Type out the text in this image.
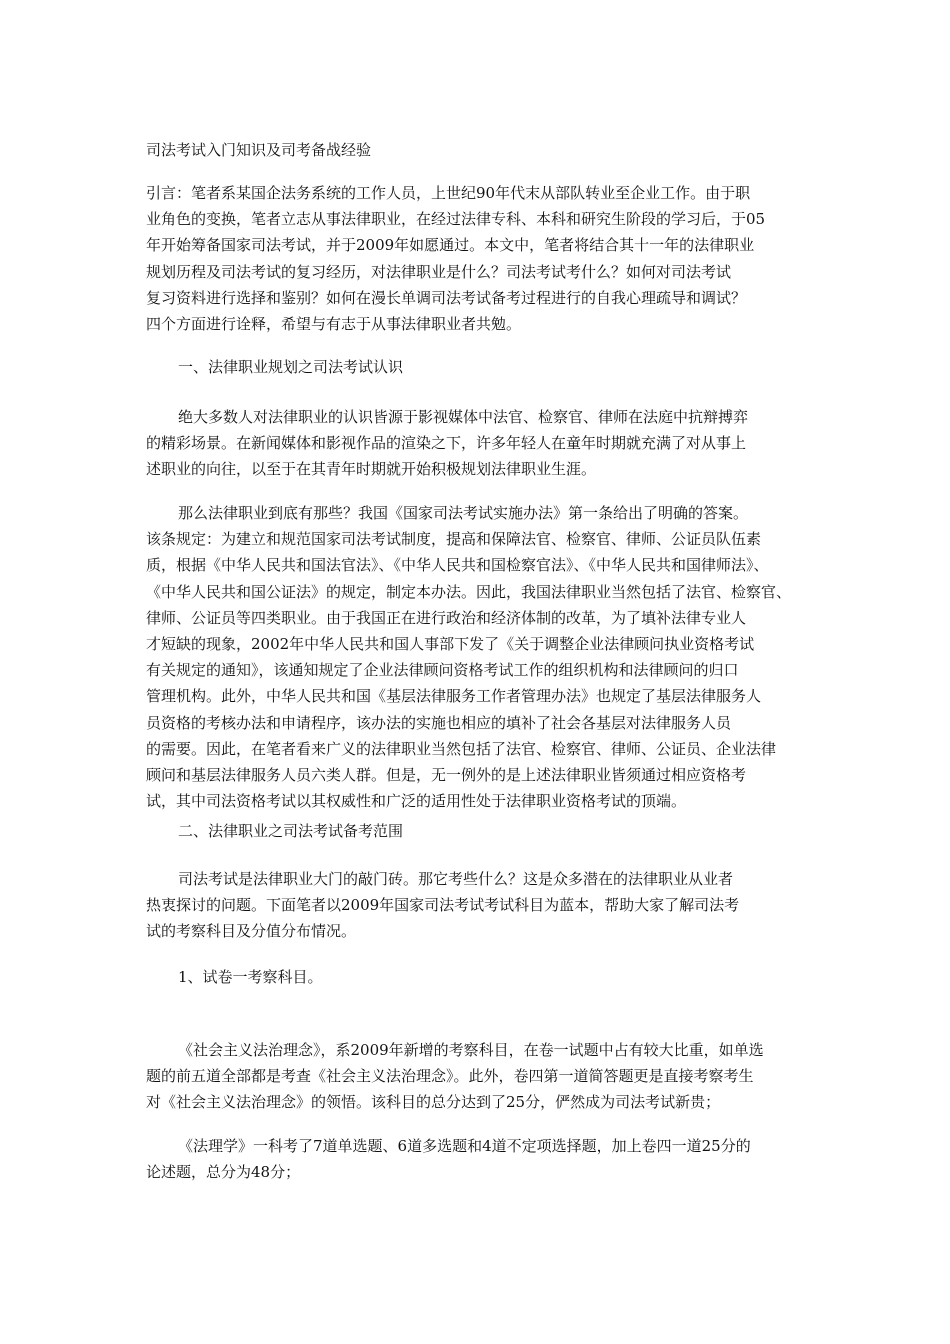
司法考试入门知识及司考备战经验
引言：笔者系某国企法务系统的工作人员，上世纪90年代末从部队转业至企业工作。由于职
业角色的变换，笔者立志从事法律职业，在经过法律专科、本科和研究生阶段的学习后，于05
年开始筹备国家司法考试，并于2009年如愿通过。本文中，笔者将结合其十一年的法律职业
规划历程及司法考试的复习经历，对法律职业是什么？司法考试考什么？如何对司法考试
复习资料进行选择和鉴别？如何在漫长单调司法考试备考过程进行的自我心理疏导和调试？
四个方面进行诠释，希望与有志于从事法律职业者共勉。
一、法律职业规划之司法考试认识
绝大多数人对法律职业的认识皆源于影视媒体中法官、检察官、律师在法庭中抗辩搏弈
的精彩场景。在新闻媒体和影视作品的渲染之下，许多年轻人在童年时期就充满了对从事上
述职业的向往，以至于在其青年时期就开始积极规划法律职业生涯。
那么法律职业到底有那些？我国《国家司法考试实施办法》第一条给出了明确的答案。
该条规定：为建立和规范国家司法考试制度，提高和保障法官、检察官、律师、公证员队伍素
质，根据《中华人民共和国法官法》、《中华人民共和国检察官法》、《中华人民共和国律师法》、
《中华人民共和国公证法》的规定，制定本办法。因此，我国法律职业当然包括了法官、检察官、
律师、公证员等四类职业。由于我国正在进行政治和经济体制的改革，为了填补法律专业人
才短缺的现象，2002年中华人民共和国人事部下发了《关于调整企业法律顾问执业资格考试
有关规定的通知》，该通知规定了企业法律顾问资格考试工作的组织机构和法律顾问的归口
管理机构。此外，中华人民共和国《基层法律服务工作者管理办法》也规定了基层法律服务人
员资格的考核办法和申请程序，该办法的实施也相应的填补了社会各基层对法律服务人员
的需要。因此，在笔者看来广义的法律职业当然包括了法官、检察官、律师、公证员、企业法律
顾问和基层法律服务人员六类人群。但是，无一例外的是上述法律职业皆须通过相应资格考
试，其中司法资格考试以其权威性和广泛的适用性处于法律职业资格考试的顶端。
二、法律职业之司法考试备考范围
司法考试是法律职业大门的敲门砖。那它考些什么？这是众多潜在的法律职业从业者
热衷探讨的问题。下面笔者以2009年国家司法考试考试科目为蓝本，帮助大家了解司法考
试的考察科目及分值分布情况。
1、试卷一考察科目。
《社会主义法治理念》，系2009年新增的考察科目，在卷一试题中占有较大比重，如单选
题的前五道全部都是考查《社会主义法治理念》。此外，卷四第一道简答题更是直接考察考生
对《社会主义法治理念》的领悟。该科目的总分达到了25分，俨然成为司法考试新贵；
《法理学》一科考了7道单选题、6道多选题和4道不定项选择题，加上卷四一道25分的
论述题，总分为48分；
